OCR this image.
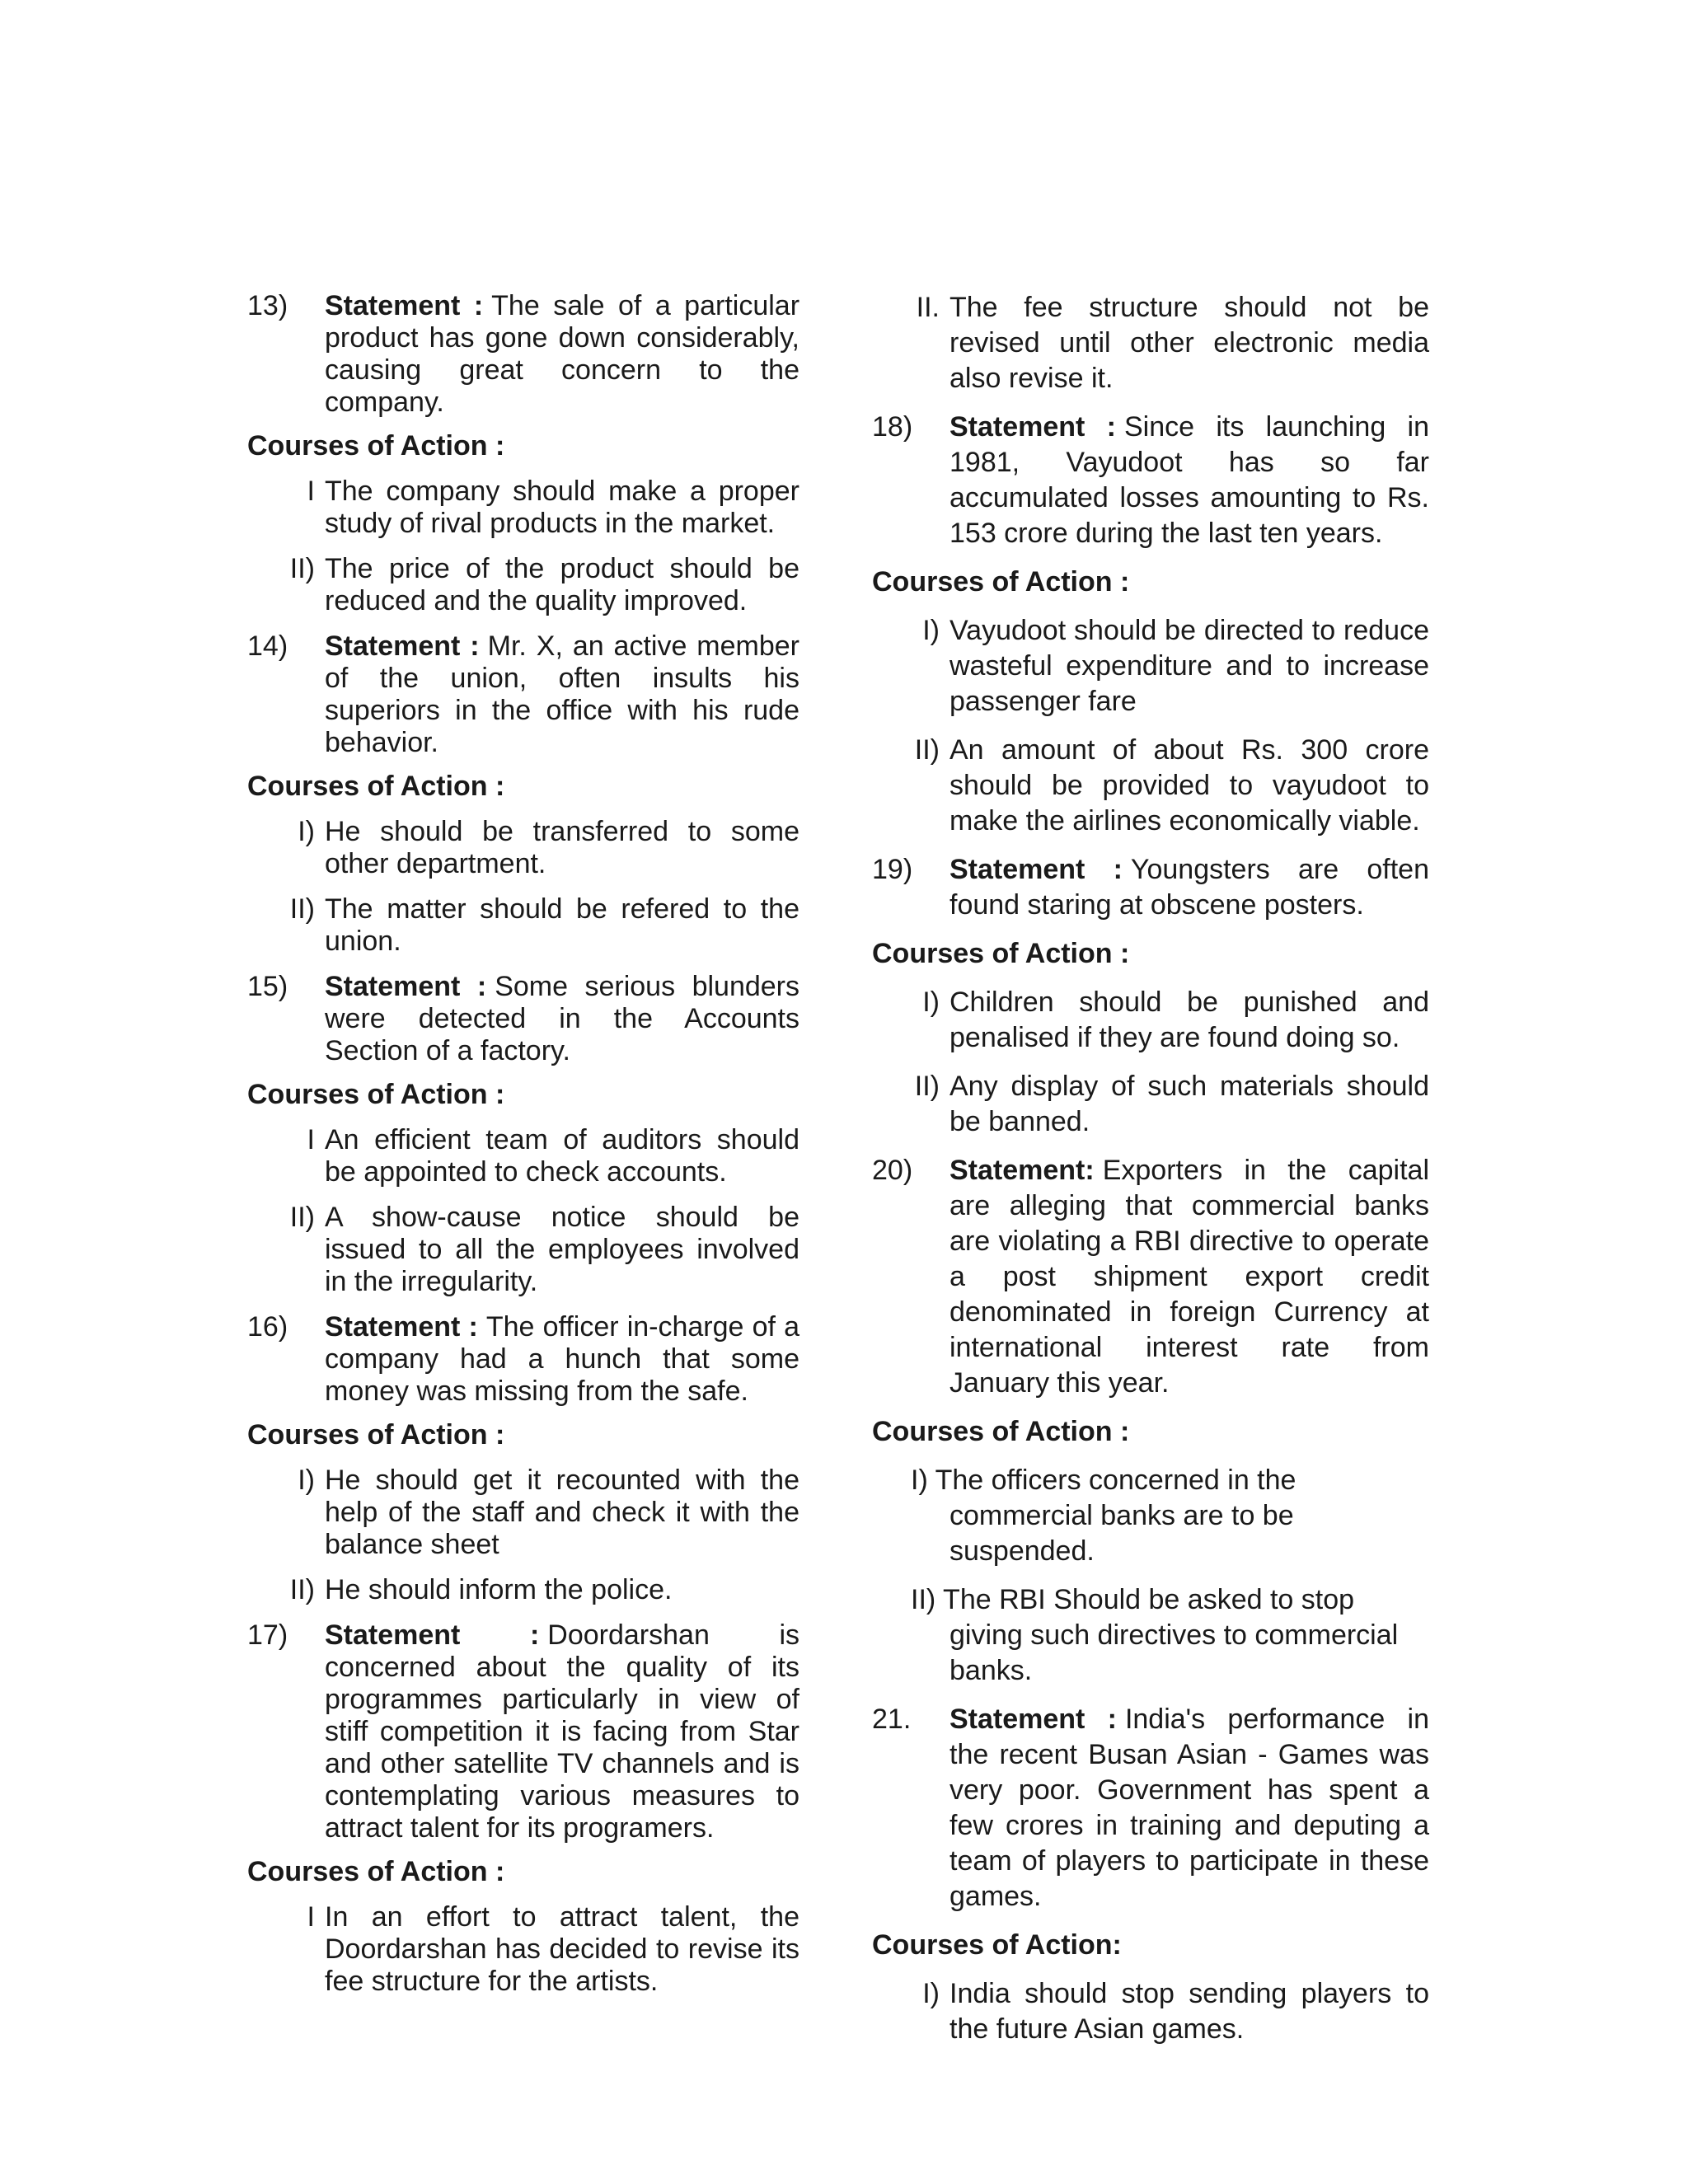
13)	Statement : The sale of a particular product has gone down considerably, causing great concern to the company.
Courses of Action :
I The company should make a proper study of rival products in the market.
II) The price of the product should be reduced and the quality improved.
14)	Statement : Mr. X, an active member of the union, often insults his superiors in the office with his rude behavior.
Courses of Action :
I) He should be transferred to some other department.
II) The matter should be refered to the union.
15)	Statement : Some serious blunders were detected in the Accounts Section of a factory.
Courses of Action :
I An efficient team of auditors should be appointed to check accounts.
II) A show-cause notice should be issued to all the employees involved in the irregularity.
16)	Statement : The officer in-charge of a company had a hunch that some money was missing from the safe.
Courses of Action :
I) He should get it recounted with the help of the staff and check it with the balance sheet
II) He should inform the police.
17)	Statement : Doordarshan is concerned about the quality of its programmes particularly in view of stiff competition it is facing from Star and other satellite TV channels and is contemplating various measures to attract talent for its programers.
Courses of Action :
I In an effort to attract talent, the Doordarshan has decided to revise its fee structure for the artists.
II. The fee structure should not be revised until other electronic media also revise it.
18)	Statement : Since its launching in 1981, Vayudoot has so far accumulated losses amounting to Rs. 153 crore during the last ten years.
Courses of Action :
I) Vayudoot should be directed to reduce wasteful expenditure and to increase passenger fare
II) An amount of about Rs. 300 crore should be provided to vayudoot to make the airlines economically viable.
19)	Statement : Youngsters are often found staring at obscene posters.
Courses of Action :
I) Children should be punished and penalised if they are found doing so.
II) Any display of such materials should be banned.
20)	Statement: Exporters in the capital are alleging that commercial banks are violating a RBI directive to operate a post shipment export credit denominated in foreign Currency at international interest rate from January this year.
Courses of Action :
I) The officers concerned in the commercial banks are to be suspended.
II) The RBI Should be asked to stop giving such directives to commercial banks.
21.	Statement : India's performance in the recent Busan Asian - Games was very poor. Government has spent a few crores in training and deputing a team of players to participate in these games.
Courses of Action:
I) India should stop sending players to the future Asian games.
